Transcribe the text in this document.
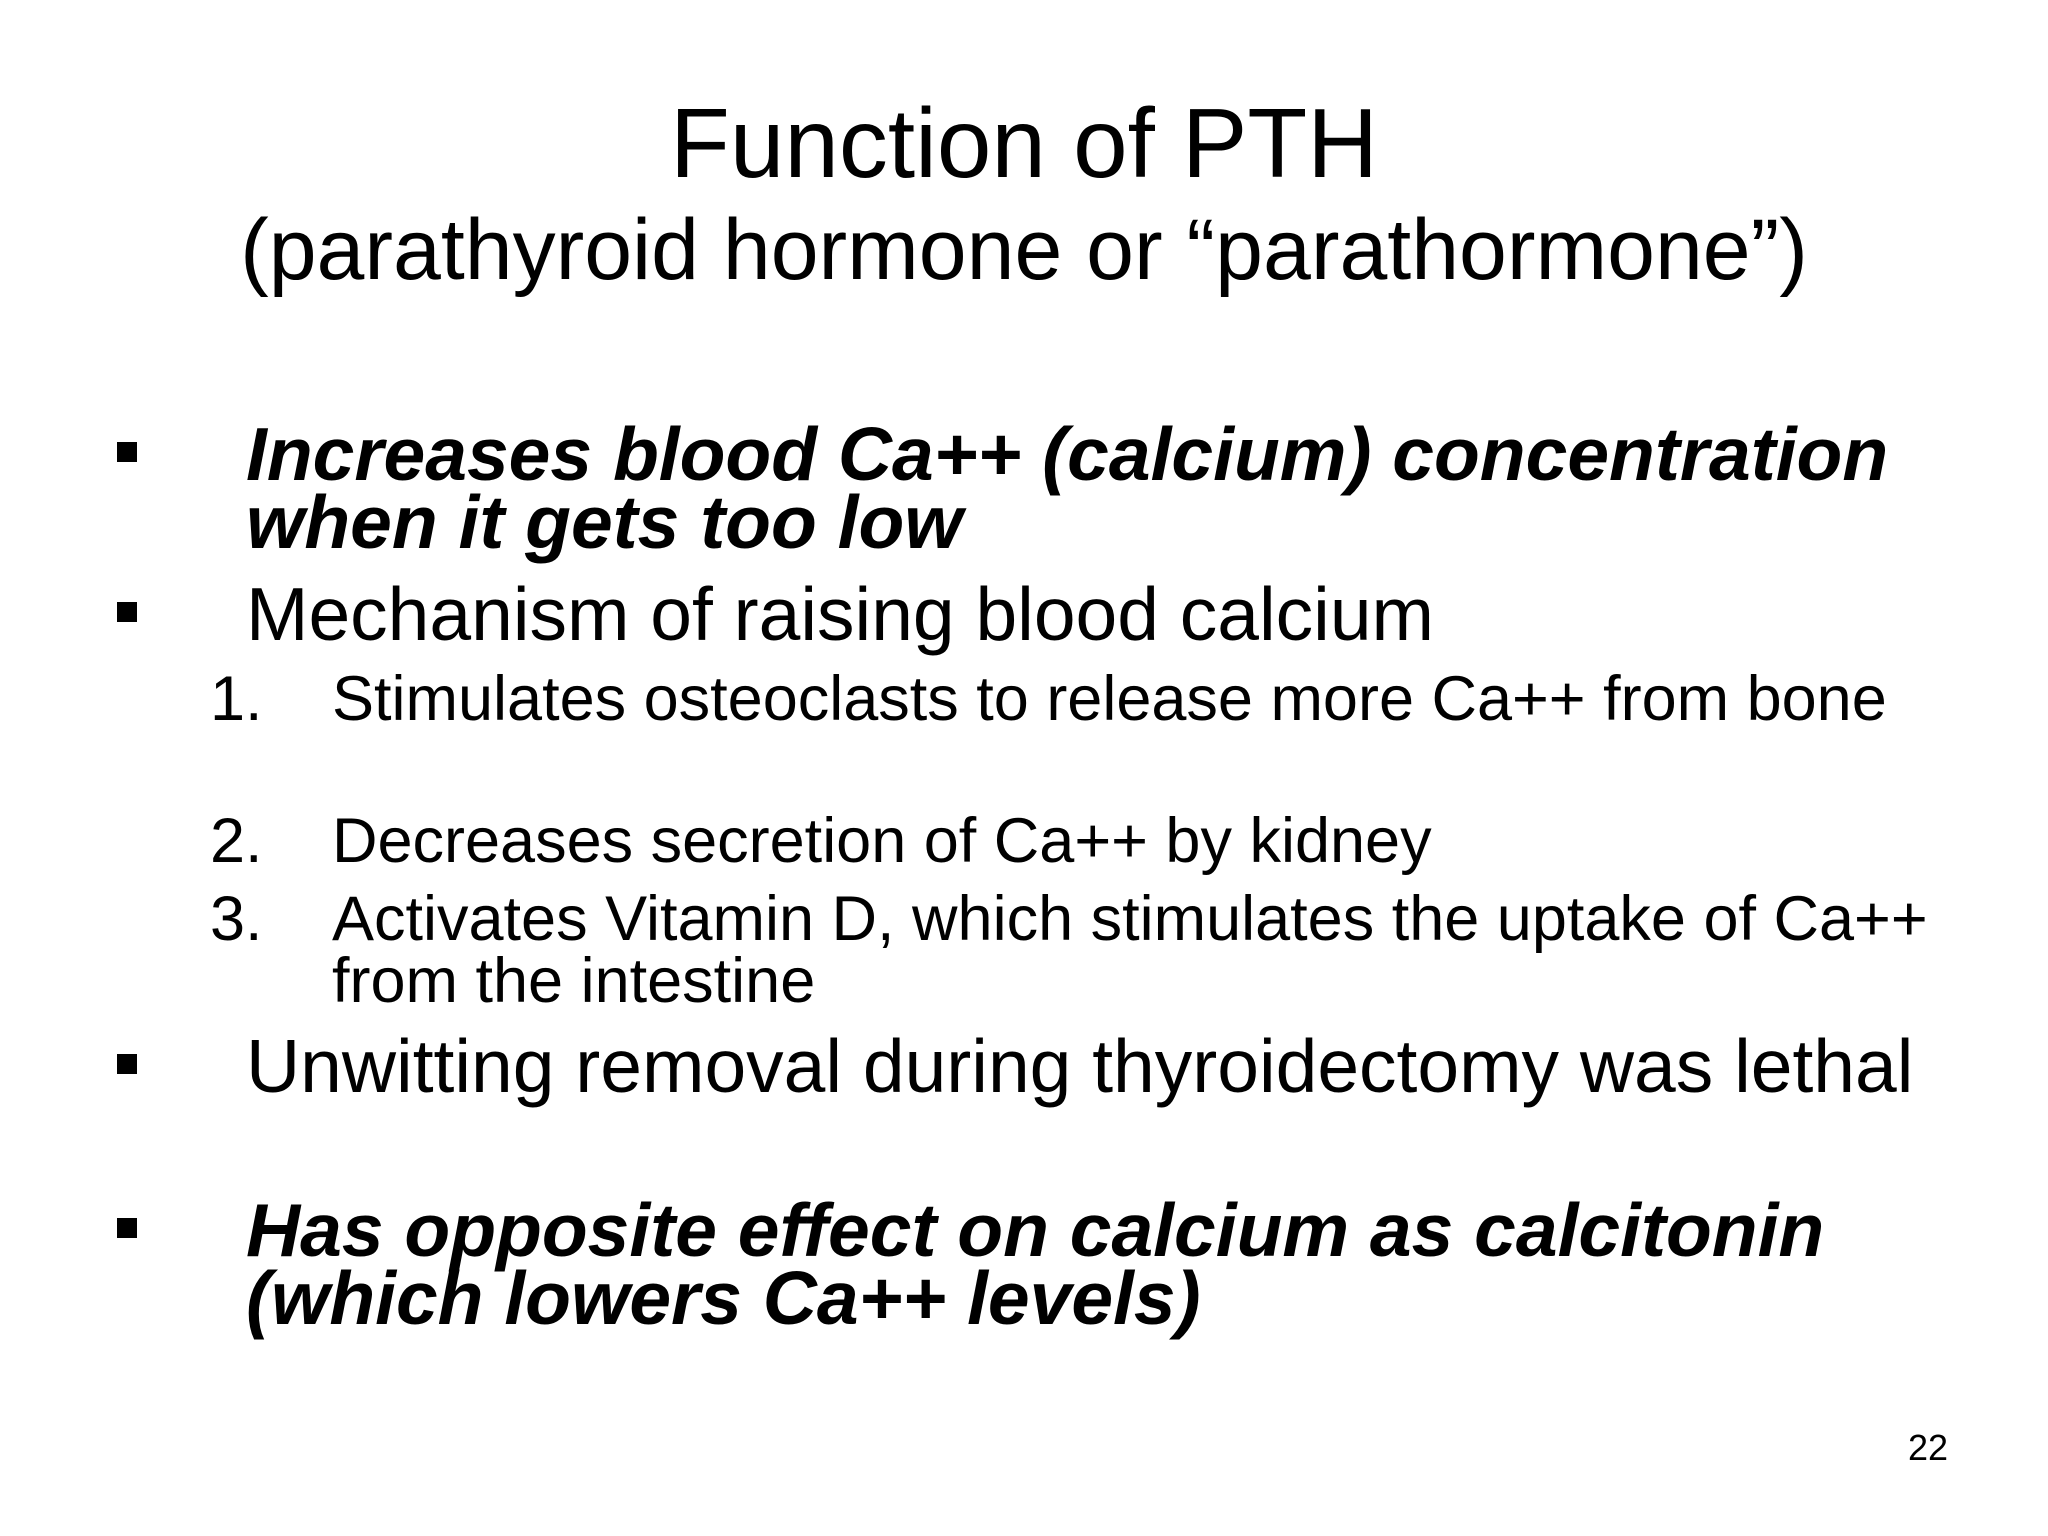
Function of PTH
(parathyroid hormone or “parathormone”)
Increases blood Ca++ (calcium) concentration when it gets too low
Mechanism of raising blood calcium
1. Stimulates osteoclasts to release more Ca++ from bone
2. Decreases secretion of Ca++ by kidney
3. Activates Vitamin D, which stimulates the uptake of Ca++ from the intestine
Unwitting removal during thyroidectomy was lethal
Has opposite effect on calcium as calcitonin (which lowers Ca++ levels)
22
